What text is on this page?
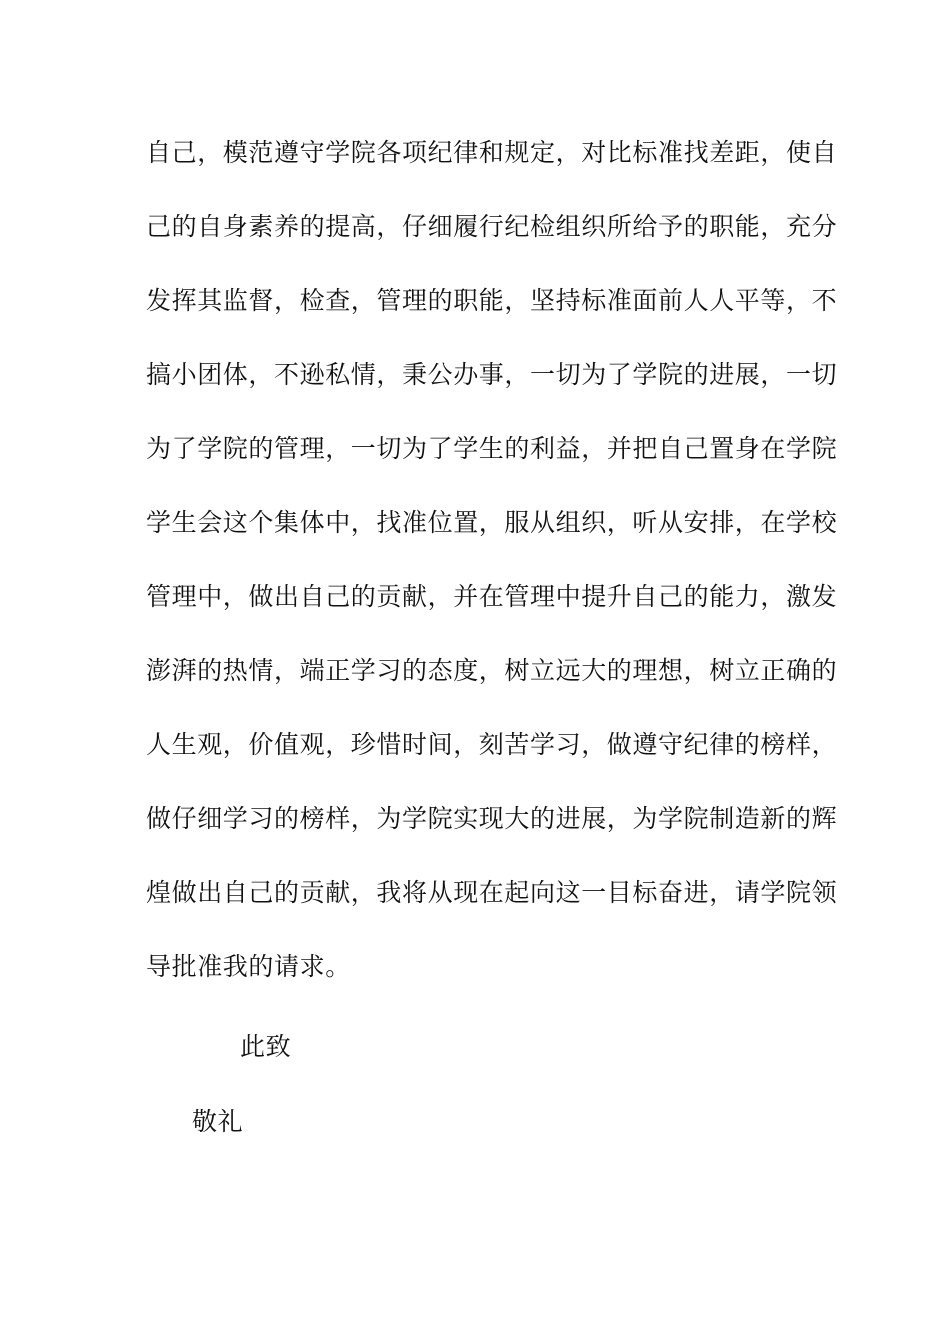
自己，模范遵守学院各项纪律和规定，对比标准找差距，使自
己的自身素养的提高，仔细履行纪检组织所给予的职能，充分
发挥其监督，检查，管理的职能，坚持标准面前人人平等，不
搞小团体，不逊私情，秉公办事，一切为了学院的进展，一切
为了学院的管理，一切为了学生的利益，并把自己置身在学院
学生会这个集体中，找准位置，服从组织，听从安排，在学校
管理中，做出自己的贡献，并在管理中提升自己的能力，激发
澎湃的热情，端正学习的态度，树立远大的理想，树立正确的
人生观，价值观，珍惜时间，刻苦学习，做遵守纪律的榜样，
做仔细学习的榜样，为学院实现大的进展，为学院制造新的辉
煌做出自己的贡献，我将从现在起向这一目标奋进，请学院领
导批准我的请求。
此致
敬礼
